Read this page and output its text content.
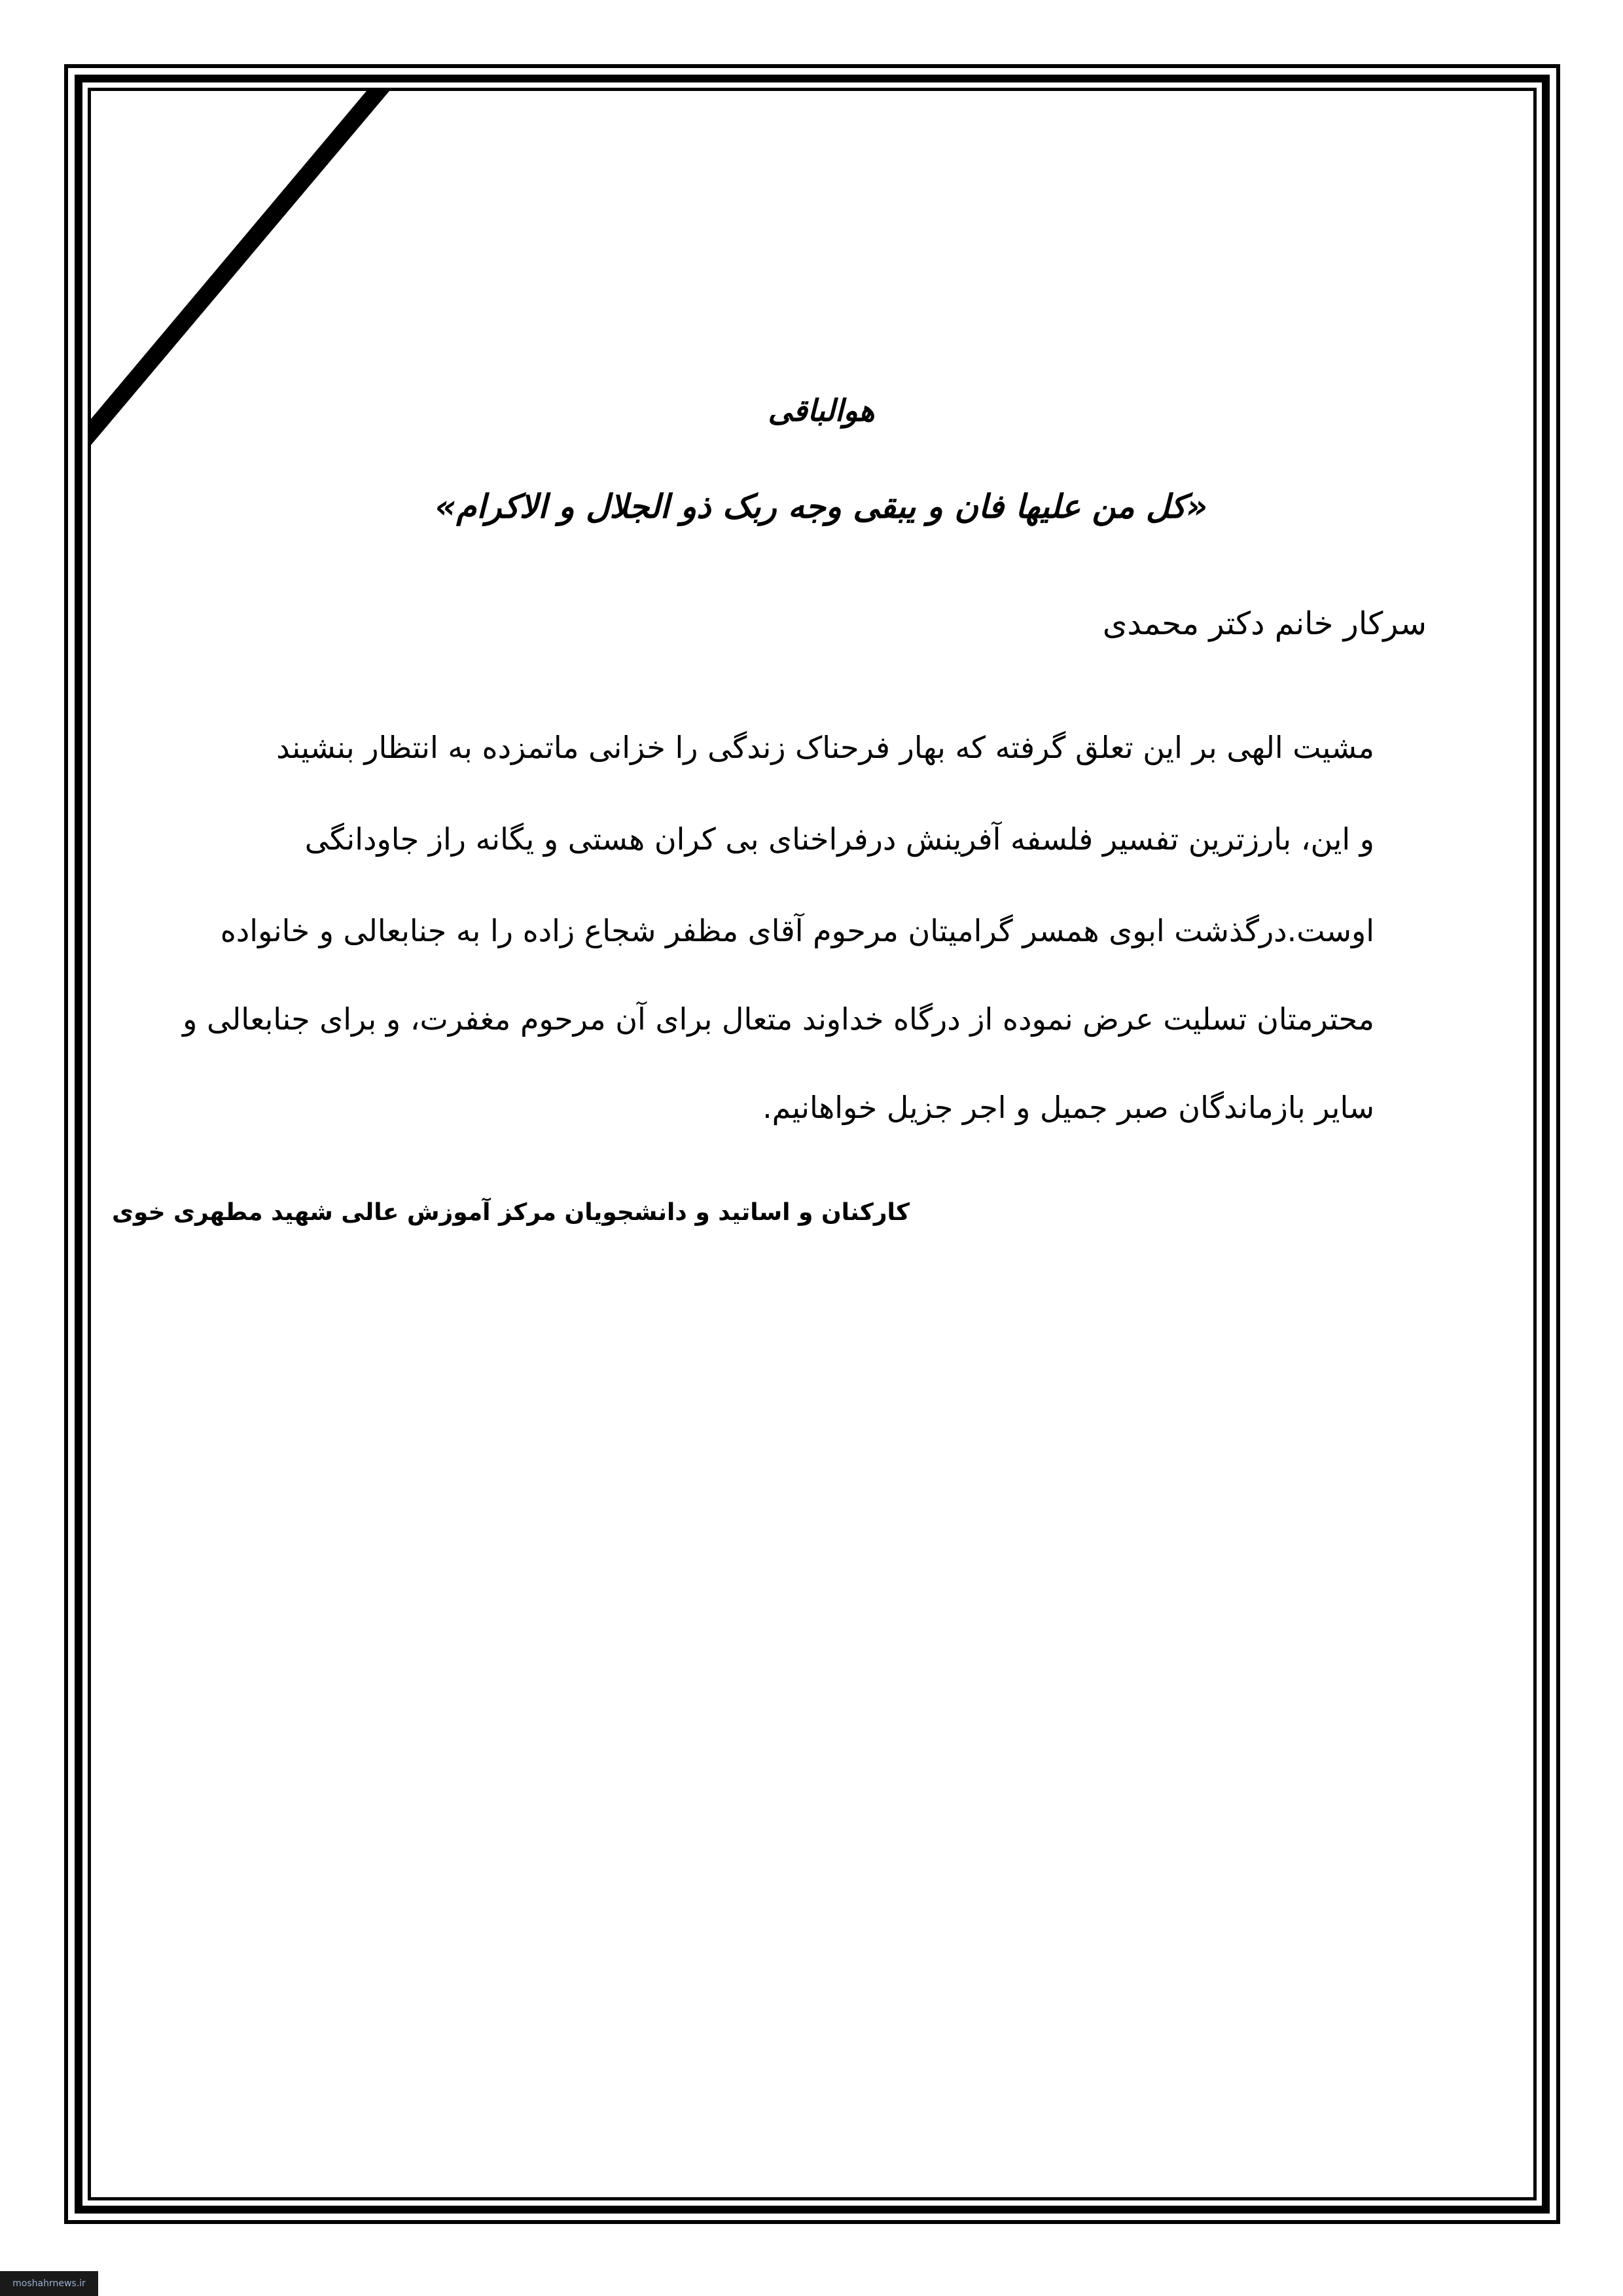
هوالباقی
«کل من علیها فان و یبقی وجه ربک ذو الجلال و الاکرام»
سرکار خانم دکتر محمدی
مشیت الهی بر این تعلق گرفته که بهار فرحناک زندگی را خزانی ماتمزده به انتظار بنشیند
و این، بارزترین تفسیر فلسفه آفرینش درفراخنای بی کران هستی و یگانه راز جاودانگی
اوست.درگذشت ابوی همسر گرامیتان مرحوم آقای مظفر شجاع زاده را به جنابعالی و خانواده
محترمتان تسلیت عرض نموده از درگاه خداوند متعال برای آن مرحوم مغفرت، و برای جنابعالی و
سایر بازماندگان صبر جمیل و اجر جزیل خواهانیم.
کارکنان و اساتید و دانشجویان مرکز آموزش عالی شهید مطهری خوی
moshahrnews.ir
